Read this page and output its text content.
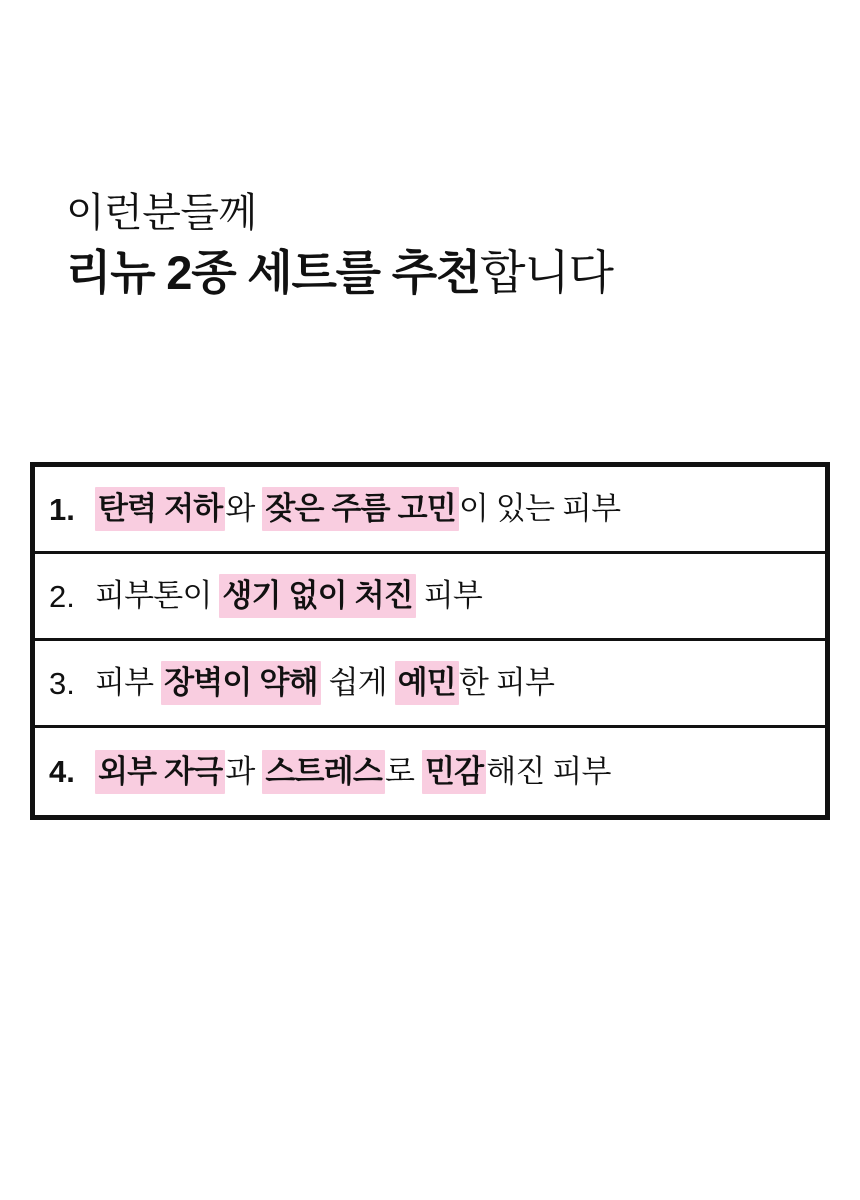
이런분들께
리뉴 2종 세트를 추천합니다
1. 탄력 저하와 잦은 주름 고민이 있는 피부
2. 피부톤이 생기 없이 처진 피부
3. 피부 장벽이 약해 쉽게 예민한 피부
4. 외부 자극과 스트레스로 민감해진 피부
